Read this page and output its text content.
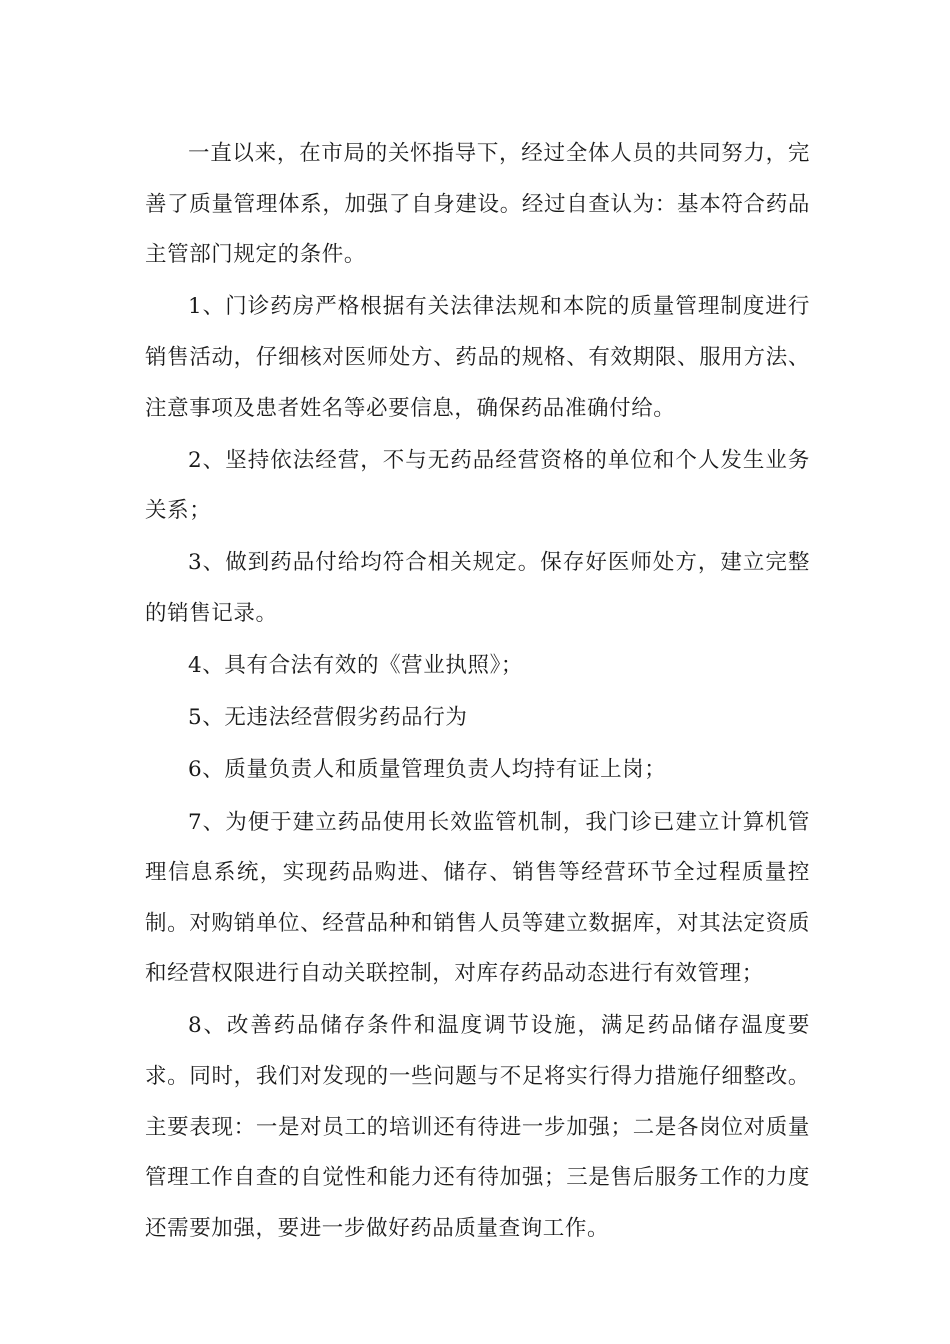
一直以来，在市局的关怀指导下，经过全体人员的共同努力，完善了质量管理体系，加强了自身建设。经过自查认为：基本符合药品主管部门规定的条件。

1、门诊药房严格根据有关法律法规和本院的质量管理制度进行销售活动，仔细核对医师处方、药品的规格、有效期限、服用方法、注意事项及患者姓名等必要信息，确保药品准确付给。

2、坚持依法经营，不与无药品经营资格的单位和个人发生业务关系；

3、做到药品付给均符合相关规定。保存好医师处方，建立完整的销售记录。

4、具有合法有效的《营业执照》；

5、无违法经营假劣药品行为

6、质量负责人和质量管理负责人均持有证上岗；

7、为便于建立药品使用长效监管机制，我门诊已建立计算机管理信息系统，实现药品购进、储存、销售等经营环节全过程质量控制。对购销单位、经营品种和销售人员等建立数据库，对其法定资质和经营权限进行自动关联控制，对库存药品动态进行有效管理；

8、改善药品储存条件和温度调节设施，满足药品储存温度要求。同时，我们对发现的一些问题与不足将实行得力措施仔细整改。主要表现：一是对员工的培训还有待进一步加强；二是各岗位对质量管理工作自查的自觉性和能力还有待加强；三是售后服务工作的力度还需要加强，要进一步做好药品质量查询工作。
